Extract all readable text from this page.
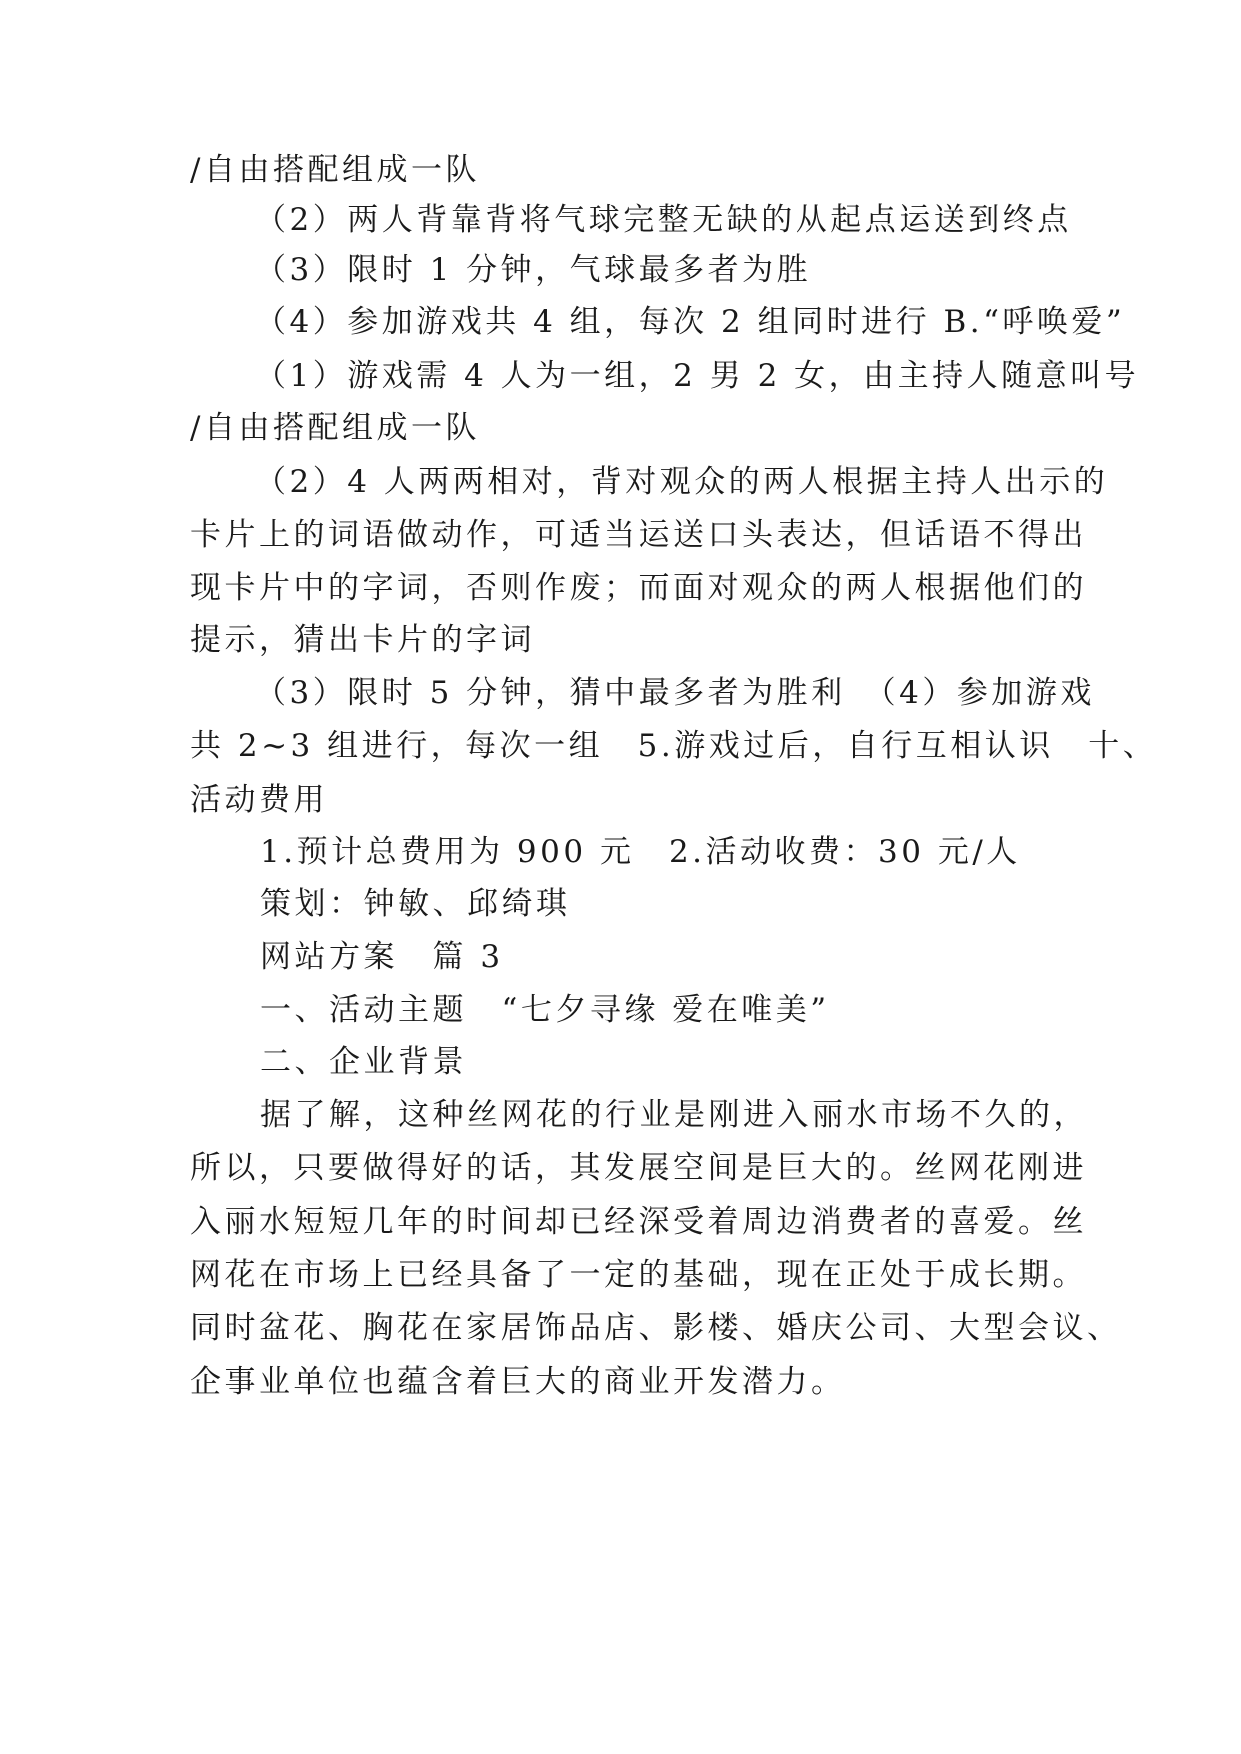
/自由搭配组成一队
（2）两人背靠背将气球完整无缺的从起点运送到终点
（3）限时 1 分钟，气球最多者为胜
（4）参加游戏共 4 组，每次 2 组同时进行 B.“呼唤爱”
（1）游戏需 4 人为一组，2 男 2 女，由主持人随意叫号
/自由搭配组成一队
（2）4 人两两相对，背对观众的两人根据主持人出示的
卡片上的词语做动作，可适当运送口头表达，但话语不得出
现卡片中的字词，否则作废；而面对观众的两人根据他们的
提示，猜出卡片的字词
（3）限时 5 分钟，猜中最多者为胜利　（4）参加游戏
共 2~3 组进行，每次一组　5.游戏过后，自行互相认识　十、
活动费用
1.预计总费用为 900 元　2.活动收费：30 元/人
策划：钟敏、邱绮琪
网站方案　篇 3
一、活动主题　“七夕寻缘 爱在唯美”
二、企业背景
据了解，这种丝网花的行业是刚进入丽水市场不久的，
所以，只要做得好的话，其发展空间是巨大的。丝网花刚进
入丽水短短几年的时间却已经深受着周边消费者的喜爱。丝
网花在市场上已经具备了一定的基础，现在正处于成长期。
同时盆花、胸花在家居饰品店、影楼、婚庆公司、大型会议、
企事业单位也蕴含着巨大的商业开发潜力。
